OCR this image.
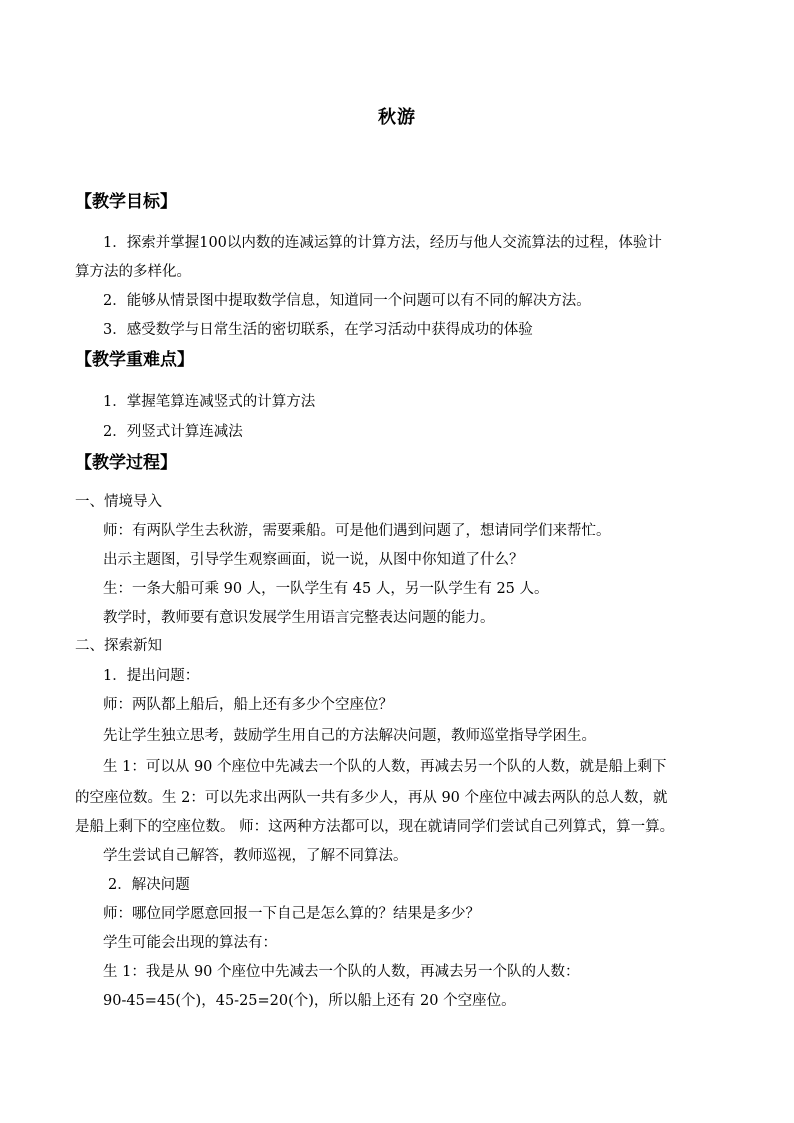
秋游
【教学目标】
1．探索并掌握100以内数的连减运算的计算方法，经历与他人交流算法的过程，体验计
算方法的多样化。
2．能够从情景图中提取数学信息，知道同一个问题可以有不同的解决方法。
3．感受数学与日常生活的密切联系，在学习活动中获得成功的体验
【教学重难点】
1．掌握笔算连减竖式的计算方法
2．列竖式计算连减法
【教学过程】
一、情境导入
师：有两队学生去秋游，需要乘船。可是他们遇到问题了，想请同学们来帮忙。
出示主题图，引导学生观察画面，说一说，从图中你知道了什么？
生：一条大船可乘 90 人，一队学生有 45 人，另一队学生有 25 人。
教学时，教师要有意识发展学生用语言完整表达问题的能力。
二、探索新知
1．提出问题：
师：两队都上船后，船上还有多少个空座位？
先让学生独立思考，鼓励学生用自己的方法解决问题，教师巡堂指导学困生。
生 1：可以从 90 个座位中先减去一个队的人数，再减去另一个队的人数，就是船上剩下
的空座位数。生 2：可以先求出两队一共有多少人，再从 90 个座位中减去两队的总人数，就
是船上剩下的空座位数。 师：这两种方法都可以，现在就请同学们尝试自己列算式，算一算。
学生尝试自己解答，教师巡视，了解不同算法。
2．解决问题
师：哪位同学愿意回报一下自己是怎么算的？结果是多少？
学生可能会出现的算法有：
生 1：我是从 90 个座位中先减去一个队的人数，再减去另一个队的人数：
90-45=45(个)，45-25=20(个)，所以船上还有 20 个空座位。
